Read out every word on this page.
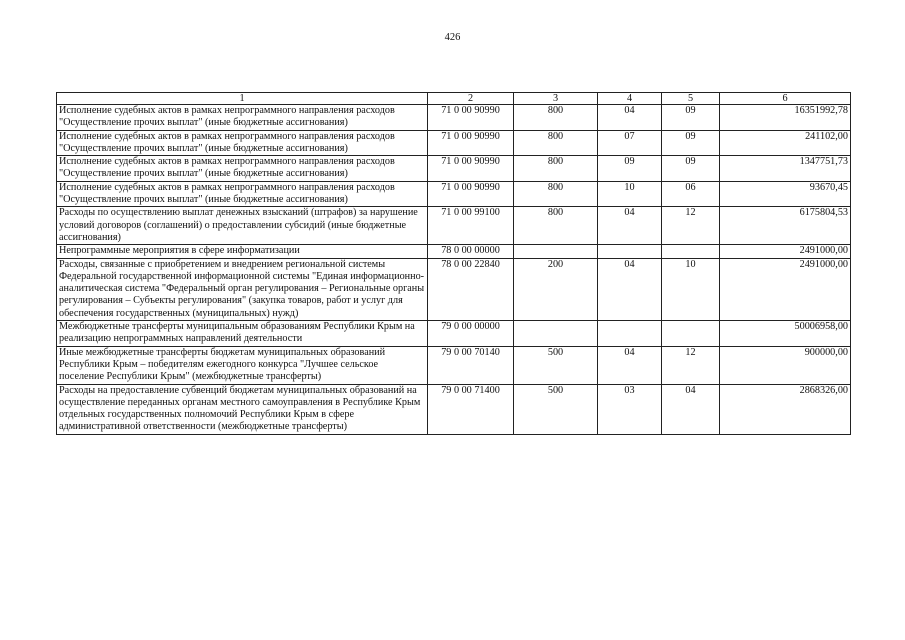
426
1	2	3	4	5	6
Исполнение судебных актов в рамках непрограммного направления расходов "Осуществление прочих выплат" (иные бюджетные ассигнования)	71 0 00 90990	800	04	09	16351992,78
Исполнение судебных актов в рамках непрограммного направления расходов "Осуществление прочих выплат" (иные бюджетные ассигнования)	71 0 00 90990	800	07	09	241102,00
Исполнение судебных актов в рамках непрограммного направления расходов "Осуществление прочих выплат" (иные бюджетные ассигнования)	71 0 00 90990	800	09	09	1347751,73
Исполнение судебных актов в рамках непрограммного направления расходов "Осуществление прочих выплат" (иные бюджетные ассигнования)	71 0 00 90990	800	10	06	93670,45
Расходы по осуществлению выплат денежных взысканий (штрафов) за нарушение условий договоров (соглашений) о предоставлении субсидий (иные бюджетные ассигнования)	71 0 00 99100	800	04	12	6175804,53
Непрограммные мероприятия в сфере информатизации	78 0 00 00000				2491000,00
Расходы, связанные с приобретением и внедрением региональной системы Федеральной государственной информационной системы "Единая информационно-аналитическая система "Федеральный орган регулирования – Региональные органы регулирования – Субъекты регулирования" (закупка товаров, работ и услуг для обеспечения государственных (муниципальных) нужд)	78 0 00 22840	200	04	10	2491000,00
Межбюджетные трансферты муниципальным образованиям Республики Крым на реализацию непрограммных направлений деятельности	79 0 00 00000				50006958,00
Иные межбюджетные трансферты бюджетам муниципальных образований Республики Крым – победителям ежегодного конкурса "Лучшее сельское поселение Республики Крым" (межбюджетные трансферты)	79 0 00 70140	500	04	12	900000,00
Расходы на предоставление субвенций бюджетам муниципальных образований на осуществление переданных органам местного самоуправления в Республике Крым отдельных государственных полномочий Республики Крым в сфере административной ответственности (межбюджетные трансферты)	79 0 00 71400	500	03	04	2868326,00
